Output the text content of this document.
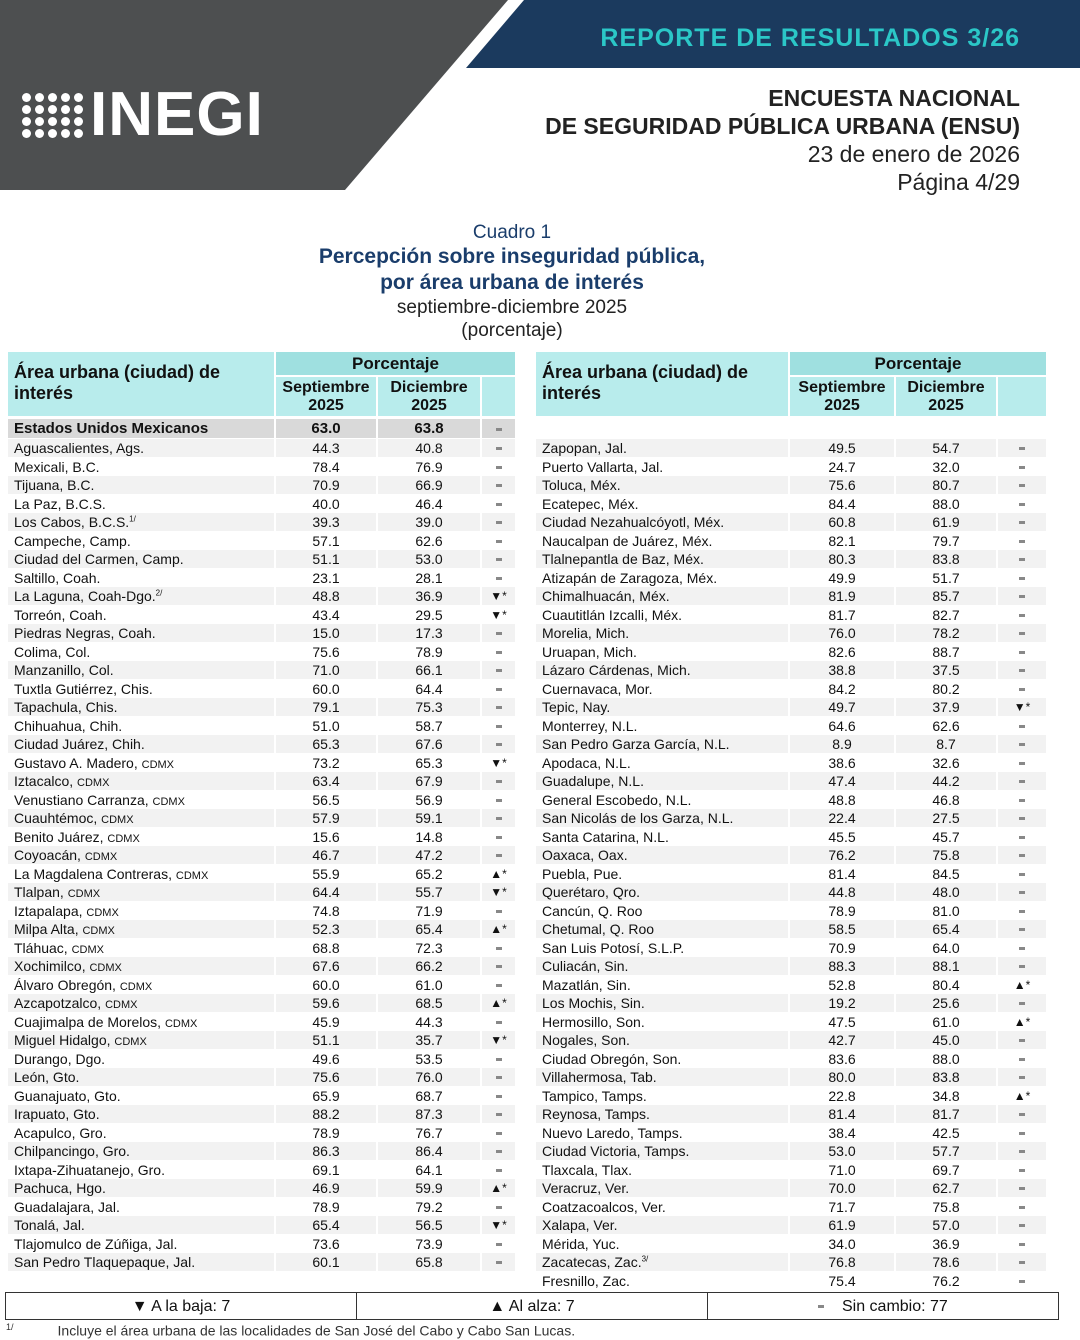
REPORTE DE RESULTADOS 3/26
INEGI	ENCUESTA NACIONAL
DE SEGURIDAD PÚBLICA URBANA (ENSU)
23 de enero de 2026
Página 4/29
Cuadro 1
Percepción sobre inseguridad pública,
por área urbana de interés
septiembre-diciembre 2025
(porcentaje)
Área urbana (ciudad) de interés
Porcentaje
Septiembre 2025
Diciembre 2025
Estados Unidos Mexicanos	63.0	63.8
Aguascalientes, Ags.	44.3	40.8
Mexicali, B.C.	78.4	76.9
Tijuana, B.C.	70.9	66.9
La Paz, B.C.S.	40.0	46.4
Los Cabos, B.C.S.$^{1/}$	39.3	39.0
Campeche, Camp.	57.1	62.6
Ciudad del Carmen, Camp.	51.1	53.0
Saltillo, Coah.	23.1	28.1
La Laguna, Coah-Dgo.$^{2/}$	48.8	36.9	▼*
Torreón, Coah.	43.4	29.5	▼*
Piedras Negras, Coah.	15.0	17.3
Colima, Col.	75.6	78.9
Manzanillo, Col.	71.0	66.1
Tuxtla Gutiérrez, Chis.	60.0	64.4
Tapachula, Chis.	79.1	75.3
Chihuahua, Chih.	51.0	58.7
Ciudad Juárez, Chih.	65.3	67.6
Gustavo A. Madero, CDMX	73.2	65.3	▼*
Iztacalco, CDMX	63.4	67.9
Venustiano Carranza, CDMX	56.5	56.9
Cuauhtémoc, CDMX	57.9	59.1
Benito Juárez, CDMX	15.6	14.8
Coyoacán, CDMX	46.7	47.2
La Magdalena Contreras, CDMX	55.9	65.2	▲*
Tlalpan, CDMX	64.4	55.7	▼*
Iztapalapa, CDMX	74.8	71.9
Milpa Alta, CDMX	52.3	65.4	▲*
Tláhuac, CDMX	68.8	72.3
Xochimilco, CDMX	67.6	66.2
Álvaro Obregón, CDMX	60.0	61.0
Azcapotzalco, CDMX	59.6	68.5	▲*
Cuajimalpa de Morelos, CDMX	45.9	44.3
Miguel Hidalgo, CDMX	51.1	35.7	▼*
Durango, Dgo.	49.6	53.5
León, Gto.	75.6	76.0
Guanajuato, Gto.	65.9	68.7
Irapuato, Gto.	88.2	87.3
Acapulco, Gro.	78.9	76.7
Chilpancingo, Gro.	86.3	86.4
Ixtapa-Zihuatanejo, Gro.	69.1	64.1
Pachuca, Hgo.	46.9	59.9	▲*
Guadalajara, Jal.	78.9	79.2
Tonalá, Jal.	65.4	56.5	▼*
Tlajomulco de Zúñiga, Jal.	73.6	73.9
San Pedro Tlaquepaque, Jal.	60.1	65.8
Área urbana (ciudad) de interés
Porcentaje
Septiembre 2025
Diciembre 2025
Zapopan, Jal.	49.5	54.7
Puerto Vallarta, Jal.	24.7	32.0
Toluca, Méx.	75.6	80.7
Ecatepec, Méx.	84.4	88.0
Ciudad Nezahualcóyotl, Méx.	60.8	61.9
Naucalpan de Juárez, Méx.	82.1	79.7
Tlalnepantla de Baz, Méx.	80.3	83.8
Atizapán de Zaragoza, Méx.	49.9	51.7
Chimalhuacán, Méx.	81.9	85.7
Cuautitlán Izcalli, Méx.	81.7	82.7
Morelia, Mich.	76.0	78.2
Uruapan, Mich.	82.6	88.7
Lázaro Cárdenas, Mich.	38.8	37.5
Cuernavaca, Mor.	84.2	80.2
Tepic, Nay.	49.7	37.9	▼*
Monterrey, N.L.	64.6	62.6
San Pedro Garza García, N.L.	8.9	8.7
Apodaca, N.L.	38.6	32.6
Guadalupe, N.L.	47.4	44.2
General Escobedo, N.L.	48.8	46.8
San Nicolás de los Garza, N.L.	22.4	27.5
Santa Catarina, N.L.	45.5	45.7
Oaxaca, Oax.	76.2	75.8
Puebla, Pue.	81.4	84.5
Querétaro, Qro.	44.8	48.0
Cancún, Q. Roo	78.9	81.0
Chetumal, Q. Roo	58.5	65.4
San Luis Potosí, S.L.P.	70.9	64.0
Culiacán, Sin.	88.3	88.1
Mazatlán, Sin.	52.8	80.4	▲*
Los Mochis, Sin.	19.2	25.6
Hermosillo, Son.	47.5	61.0	▲*
Nogales, Son.	42.7	45.0
Ciudad Obregón, Son.	83.6	88.0
Villahermosa, Tab.	80.0	83.8
Tampico, Tamps.	22.8	34.8	▲*
Reynosa, Tamps.	81.4	81.7
Nuevo Laredo, Tamps.	38.4	42.5
Ciudad Victoria, Tamps.	53.0	57.7
Tlaxcala, Tlax.	71.0	69.7
Veracruz, Ver.	70.0	62.7
Coatzacoalcos, Ver.	71.7	75.8
Xalapa, Ver.	61.9	57.0
Mérida, Yuc.	34.0	36.9
Zacatecas, Zac.$^{3/}$	76.8	78.6
Fresnillo, Zac.	75.4	76.2
▼ A la baja: 7	▲ Al alza: 7	Sin cambio: 77
$^{1/}$	Incluye el área urbana de las localidades de San José del Cabo y Cabo San Lucas.
